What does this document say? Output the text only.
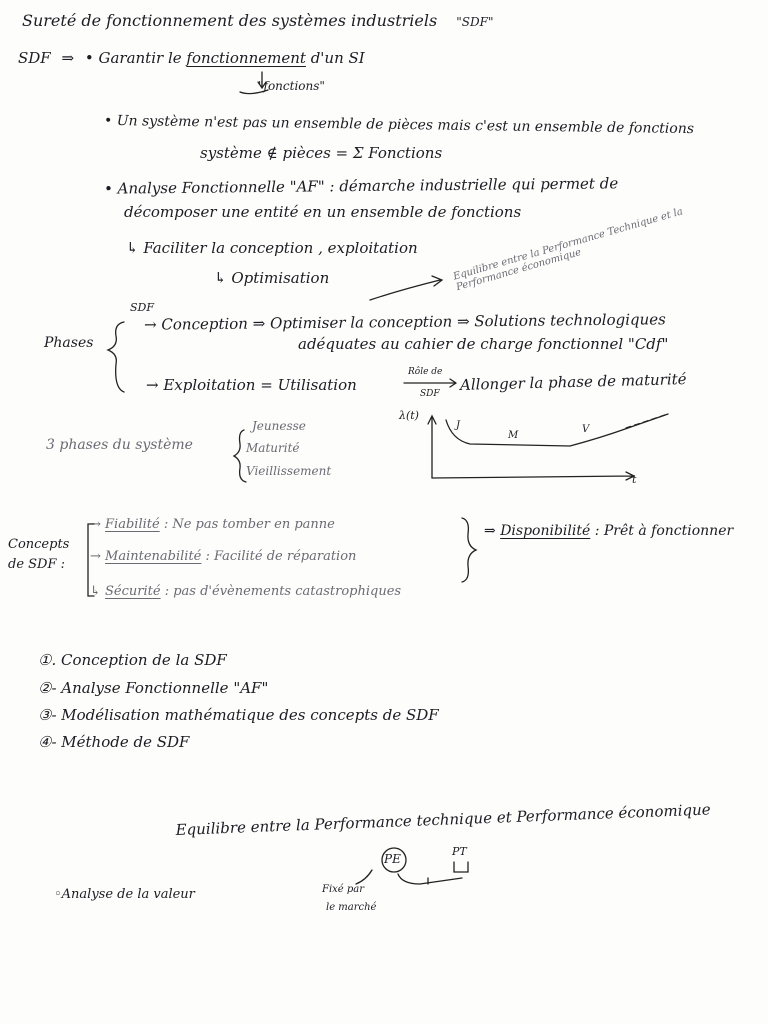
Sureté de fonctionnement des systèmes industriels "SDF"
SDF ⇒ • Garantir le fonctionnement d'un SI
"fonctions"
• Un système n'est pas un ensemble de pièces mais c'est un ensemble de fonctions
système ∉ pièces = Σ Fonctions
• Analyse Fonctionnelle "AF" : démarche industrielle qui permet de
décomposer une entité en un ensemble de fonctions
↳ Faciliter la conception , exploitation
↳ Optimisation	Equilibre entre la Performance Technique et la Performance économique
SDF
Phases
→ Conception ⇒ Optimiser la conception ⇒ Solutions technologiques
adéquates au cahier de charge fonctionnel "Cdf"
→ Exploitation = Utilisation
Rôle de
SDF
Allonger la phase de maturité
3 phases du système
Jeunesse
Maturité
Vieillissement
λ(t)
t
J
M
V
Concepts
de SDF :
→ Fiabilité : Ne pas tomber en panne
→ Maintenabilité : Facilité de réparation
↳ Sécurité : pas d'évènements catastrophiques
⇒ Disponibilité : Prêt à fonctionner
①. Conception de la SDF
②- Analyse Fonctionnelle "AF"
③- Modélisation mathématique des concepts de SDF
④- Méthode de SDF
Equilibre entre la Performance technique et Performance économique
◦Analyse de la valeur
PE
PT
Fixé par
le marché
